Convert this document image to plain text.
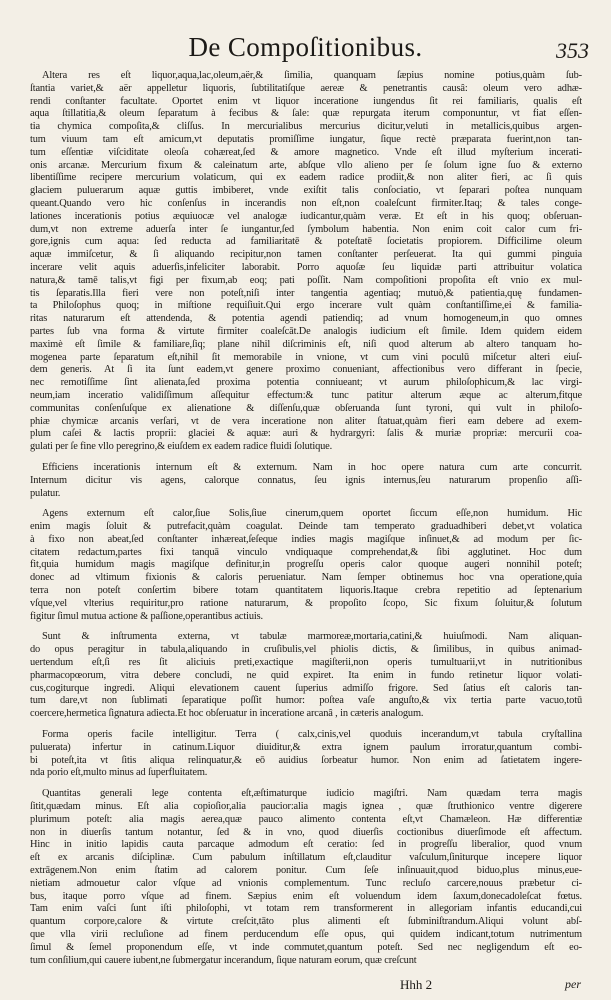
De Compoſitionibus.	353
Altera res eſt liquor,aqua,lac,oleum,aër,& ſimilia, quanquam ſæpius nomine potius,quàm ſub-
ſtantia variet,& aër appelletur liquoris, ſubtilitatiſque aereæ & penetrantis causâ: oleum vero adhæ-
rendi conſtanter facultate. Oportet enim vt liquor inceratione iungendus ſit rei familiaris, qualis eſt
aqua ſtillatitia,& oleum ſeparatum à fecibus & ſale: quæ repurgata iterum componuntur, vt fiat eſſen-
tia chymica compoſita,& cliſſus. In mercurialibus mercurius dicitur,veluti in metallicis,quibus argen-
tum viuum tam eſt amicum,vt deputatis promiſſime iungatur, ſique rectè præparata fuerint,non tan-
tum eſſentiæ viſciditate oleoſa cohæreat,ſed & amore magnetico. Vnde eſt illud myſterium incerati-
onis arcanæ. Mercurium fixum & caleinatum arte, abſque vllo alieno per ſe ſolum igne ſuo & externo
libentiſſime recipere mercurium volaticum, qui ex eadem radice prodiit,& non aliter fieri, ac ſi quis
glaciem puluerarum aquæ guttis imbiberet, vnde exiſtit talis conſociatio, vt ſeparari poſtea nunquam
queant.Quando vero hic conſenſus in incerandis non eſt,non coaleſcunt firmiter.Itaq; & tales conge-
lationes incerationis potius æquiuocæ vel analogæ iudicantur,quàm veræ. Et eſt in his quoq; obſeruan-
dum,vt non extreme aduerſa inter ſe iungantur,ſed ſymbolum habentia. Non enim coit calor cum fri-
gore,ignis cum aqua: ſed reducta ad familiaritatē & poteſtatē ſocietatis propiorem. Difficilime oleum
aquæ immiſcetur, & ſi aliquando recipitur,non tamen conſtanter perſeuerat. Ita qui gummi pinguia
incerare velit aquis aduerſis,infeliciter laborabit. Porro aquoſæ ſeu liquidæ parti attribuitur volatica
natura,& tamē talis,vt figi per fixum,ab eoq; pati poſſit. Nam compoſitioni propoſita eſt vnio ex mul-
tis ſeparatis.Illa fieri vere non poteſt,niſi inter tangentia agentiaq; mutuò,& patientia,quę fundamen-
ta Philoſophus quoq; in miſtione requiſiuit.Qui ergo incerare vult quàm conſtantiſſime,ei & familia-
ritas naturarum eſt attendenda, & potentia agendi patiendiq; ad vnum homogeneum,in quo omnes
partes ſub vna forma & virtute firmiter coaleſcāt.De analogis iudicium eſt ſimile. Idem quidem eidem
maximè eſt ſimile & familiare,ſiq; plane nihil diſcriminis eſt, niſi quod alterum ab altero tanquam ho-
mogenea parte ſeparatum eſt,nihil ſit memorabile in vnione, vt cum vini poculū miſcetur alteri eiuſ-
dem generis. At ſi ita ſunt eadem,vt genere proximo conueniant, affectionibus vero differant in ſpecie,
nec remotiſſime ſint alienata,ſed proxima potentia conniueant; vt aurum philoſophicum,& lac virgi-
neum,iam inceratio validiſſimum aſſequitur effectum:& tunc patitur alterum æque ac alterum,fitque
communitas conſenſuſque ex alienatione & diſſenſu,quæ obſeruanda ſunt tyroni, qui vult in philoſo-
phiæ chymicæ arcanis verſari, vt de vera inceratione non aliter ſtatuat,quàm fieri eam debere ad exem-
plum caſei & lactis proprii: glaciei & aquæ: auri & hydrargyri: ſalis & muriæ propriæ: mercurii coa-
gulati per ſe fine vllo peregrino,& eiuſdem ex eadem radice fluidi ſolutique.
Efficiens incerationis internum eſt & externum. Nam in hoc opere natura cum arte concurrit.
Internum dicitur vis agens, calorque connatus, ſeu ignis internus,ſeu naturarum propenſio aſſi-
pulatur.
Agens externum eſt calor,ſiue Solis,ſiue cinerum,quem oportet ſiccum eſſe,non humidum. Hic
enim magis ſoluit & putrefacit,quàm coagulat. Deinde tam temperato graduadhiberi debet,vt volatica
à fixo non abeat,ſed conſtanter inhæreat,ſeſeque indies magis magiſque inſinuet,& ad modum per ſic-
citatem redactum,partes fixi tanquā vinculo vndiquaque comprehendat,& ſibi agglutinet. Hoc dum
fit,quia humidum magis magiſque definitur,in progreſſu operis calor quoque augeri nonnihil poteſt;
donec ad vltimum fixionis & caloris perueniatur. Nam ſemper obtinemus hoc vna operatione,quia
terra non poteſt conſertim bibere totam quantitatem liquoris.Itaque crebra repetitio ad ſeptenarium
vſque,vel vlterius requiritur,pro ratione naturarum, & propoſito ſcopo, Sic fixum ſoluitur,& ſolutum
figitur ſimul mutua actione & paſſione,operantibus actiuis.
Sunt & inſtrumenta externa, vt tabulæ marmoreæ,mortaria,catini,& huiuſmodi. Nam aliquan-
do opus peragitur in tabula,aliquando in cruſibulis,vel phiolis dictis, & ſimilibus, in quibus animad-
uertendum eſt,ſi res ſit aliciuis preti,exactique magiſterii,non operis tumultuarii,vt in nutritionibus
pharmacopœorum, vitra debere concludi, ne quid expiret. Ita enim in fundo retinetur liquor volati-
cus,cogiturque ingredi. Aliqui elevationem cauent ſuperius admiſſo frigore. Sed ſatius eſt caloris tan-
tum dare,vt non ſublimati ſeparatique poſſit humor: poſtea vaſe anguſto,& vix tertia parte vacuo,totū
coercere,hermetica ſignatura adiecta.Et hoc obſeruatur in inceratione arcanâ , in cæteris analogum.
Forma operis facile intelligitur. Terra ( calx,cinis,vel quoduis incerandum,vt tabula cryſtallina
puluerata) infertur in catinum.Liquor diuiditur,& extra ignem paulum irroratur,quantum combi-
bi poteſt,ita vt ſitis aliqua relinquatur,& eō auidius ſorbeatur humor. Non enim ad ſatietatem ingere-
nda porio eſt,multo minus ad ſuperfluitatem.
Quantitas generali lege contenta eſt,æſtimaturque iudicio magiſtri. Nam quædam terra magis
ſitit,quædam minus. Eſt alia copioſior,alia paucior:alia magis ignea , quæ ſtruthionico ventre digerere
plurimum poteſt: alia magis aerea,quæ pauco alimento contenta eſt,vt Chamæleon. Hæ differentiæ
non in diuerſis tantum notantur, ſed & in vno, quod diuerſis coctionibus diuerſimode eſt affectum.
Hinc in initio lapidis cauta parcaque admodum eſt ceratio: ſed in progreſſu liberalior, quod vnum
eſt ex arcanis diſciplinæ. Cum pabulum inſtillatum eſt,clauditur vaſculum,ſiniturque incepere liquor
extrāgenem.Non enim ſtatim ad calorem ponitur. Cum ſeſe inſinuauit,quod biduo,plus minus,eue-
nietiam admouetur calor vſque ad vnionis complementum. Tunc recluſo carcere,nouus præbetur ci-
bus, itaque porro vſque ad finem. Sæpius enim eſt voluendum idem ſaxum,donecadoleſcat fœtus.
Tam enim vaſci ſunt iſti philoſophi, vt totam rem transformerent in allegoriam infantis educandi,cui
quantum corpore,calore & virtute creſcit,tāto plus alimenti eſt ſubminiſtrandum.Aliqui volunt abſ-
que vlla virii recluſione ad finem perducendum eſſe opus, qui quidem indicant,totum nutrimentum
ſimul & ſemel proponendum eſſe, vt inde commutet,quantum poteſt. Sed nec negligendum eſt eo-
tum conſilium,qui cauere iubent,ne ſubmergatur incerandum, ſique naturam eorum, quæ creſcunt
Hhh 2	per
